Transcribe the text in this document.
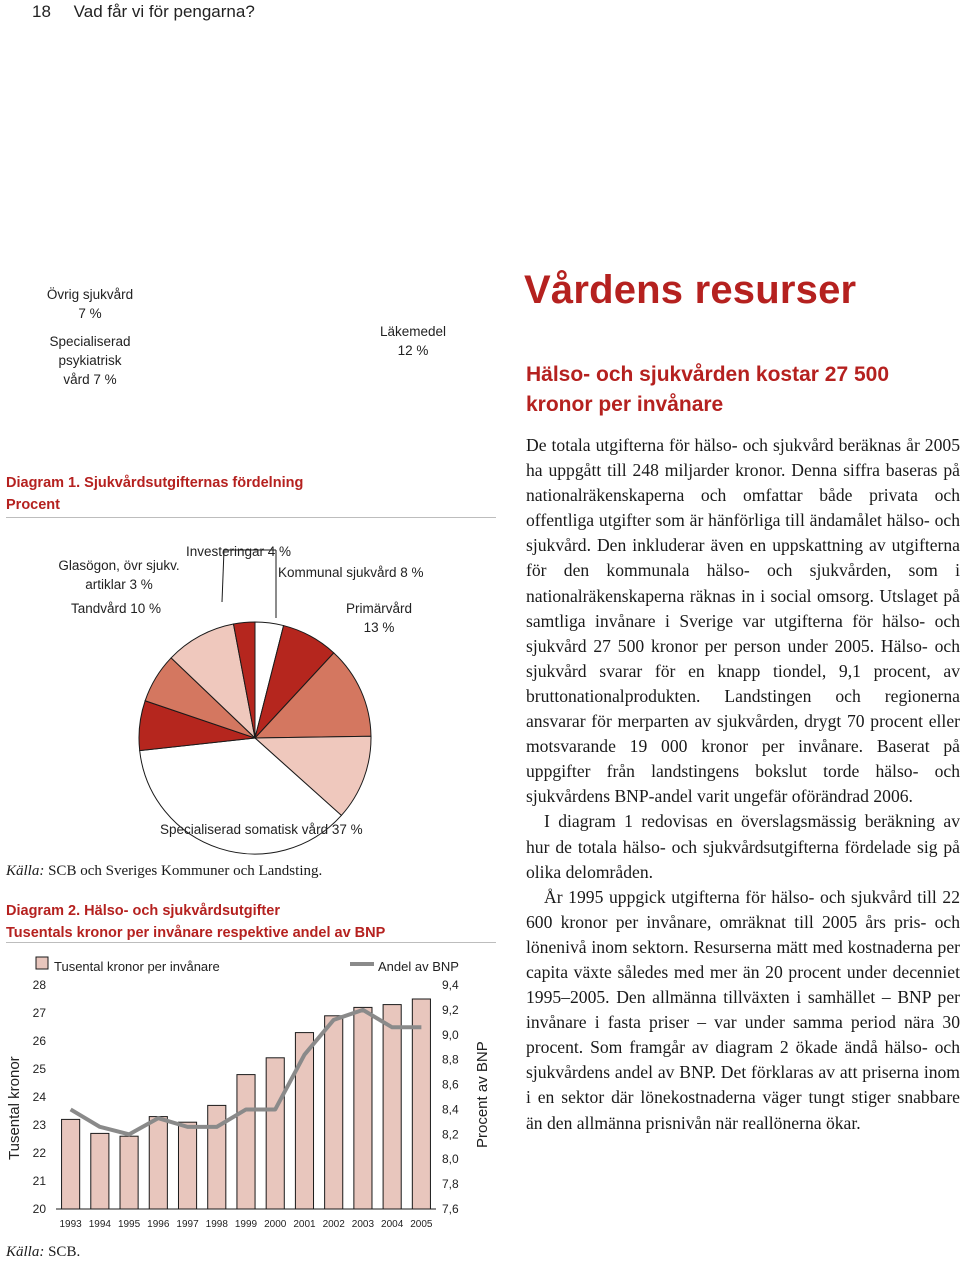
18 Vad får vi för pengarna?
Vårdens resurser
Hälso- och sjukvården kostar 27 500 kronor per invånare

De totala utgifterna för hälso- och sjukvård beräknas år 2005 ha uppgått till 248 miljarder kronor. Denna siffra baseras på nationalräkenskaperna och omfattar både privata och offentliga utgifter som är hänförliga till ändamålet hälso- och sjukvård. Den inkluderar även en uppskattning av utgifterna för den kommunala hälso- och sjukvården, som i nationalräkenskaperna räknas in i social omsorg. Utslaget på samtliga invånare i Sverige var utgifterna för hälso- och sjukvård 27 500 kronor per person under 2005. Hälso- och sjukvård svarar för en knapp tiondel, 9,1 procent, av bruttonationalprodukten. Landstingen och regionerna ansvarar för merparten av sjukvården, drygt 70 procent eller motsvarande 19 000 kronor per invånare. Baserat på uppgifter från landstingens bokslut torde hälso- och sjukvårdens BNP-andel varit ungefär oförändrad 2006.

I diagram 1 redovisas en överslagsmässig beräkning av hur de totala hälso- och sjukvårdsutgifterna fördelade sig på olika delområden.

År 1995 uppgick utgifterna för hälso- och sjukvård till 22 600 kronor per invånare, omräknat till 2005 års pris- och lönenivå inom sektorn. Resurserna mätt med kostnaderna per capita växte således med mer än 20 procent under decenniet 1995–2005. Den allmänna tillväxten i samhället – BNP per invånare i fasta priser – var under samma period nära 30 procent. Som framgår av diagram 2 ökade ändå hälso- och sjukvårdens andel av BNP. Det förklaras av att priserna inom i en sektor där lönekostnaderna väger tungt stiger snabbare än den allmänna prisnivån när reallönerna ökar.

Diagram 1. Sjukvårdsutgifternas fördelning
Procent
Investeringar 4 %
Kommunal sjukvård 8 %
Primärvård
13 %
Läkemedel
12 %
Specialiserad somatisk vård 37 %
Specialiserad
psykiatrisk
vård 7 %
Övrig sjukvård
7 %
Tandvård 10 %
Glasögon, övr sjukv.
artiklar 3 %
Källa: SCB och Sveriges Kommuner och Landsting.
Diagram 2. Hälso- och sjukvårdsutgifter
Tusentals kronor per invånare respektive andel av BNP
20
21
22
23
24
25
26
27
28
7,6
7,8
8,0
8,2
8,4
8,6
8,8
9,0
9,2
9,4
1993 1994 1995 1996 1997 1998 1999 2000 2001 2002 2003 2004 2005
Tusental kronor per invånare	Andel av BNP
Tusental kronor	Procent av BNP
Källa: SCB.
